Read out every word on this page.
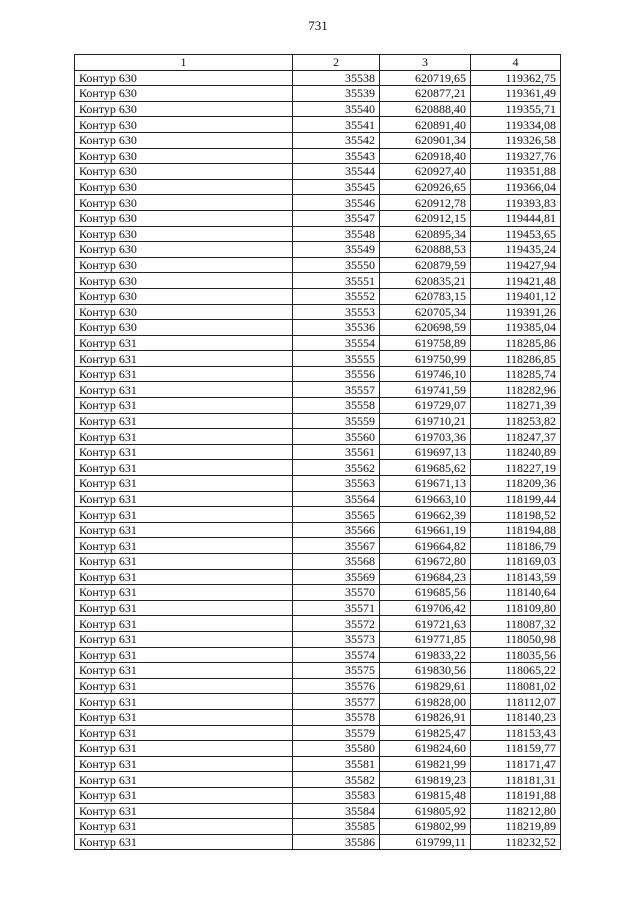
731
1	2	3	4
Контур 630	35538	620719,65	119362,75
Контур 630	35539	620877,21	119361,49
Контур 630	35540	620888,40	119355,71
Контур 630	35541	620891,40	119334,08
Контур 630	35542	620901,34	119326,58
Контур 630	35543	620918,40	119327,76
Контур 630	35544	620927,40	119351,88
Контур 630	35545	620926,65	119366,04
Контур 630	35546	620912,78	119393,83
Контур 630	35547	620912,15	119444,81
Контур 630	35548	620895,34	119453,65
Контур 630	35549	620888,53	119435,24
Контур 630	35550	620879,59	119427,94
Контур 630	35551	620835,21	119421,48
Контур 630	35552	620783,15	119401,12
Контур 630	35553	620705,34	119391,26
Контур 630	35536	620698,59	119385,04
Контур 631	35554	619758,89	118285,86
Контур 631	35555	619750,99	118286,85
Контур 631	35556	619746,10	118285,74
Контур 631	35557	619741,59	118282,96
Контур 631	35558	619729,07	118271,39
Контур 631	35559	619710,21	118253,82
Контур 631	35560	619703,36	118247,37
Контур 631	35561	619697,13	118240,89
Контур 631	35562	619685,62	118227,19
Контур 631	35563	619671,13	118209,36
Контур 631	35564	619663,10	118199,44
Контур 631	35565	619662,39	118198,52
Контур 631	35566	619661,19	118194,88
Контур 631	35567	619664,82	118186,79
Контур 631	35568	619672,80	118169,03
Контур 631	35569	619684,23	118143,59
Контур 631	35570	619685,56	118140,64
Контур 631	35571	619706,42	118109,80
Контур 631	35572	619721,63	118087,32
Контур 631	35573	619771,85	118050,98
Контур 631	35574	619833,22	118035,56
Контур 631	35575	619830,56	118065,22
Контур 631	35576	619829,61	118081,02
Контур 631	35577	619828,00	118112,07
Контур 631	35578	619826,91	118140,23
Контур 631	35579	619825,47	118153,43
Контур 631	35580	619824,60	118159,77
Контур 631	35581	619821,99	118171,47
Контур 631	35582	619819,23	118181,31
Контур 631	35583	619815,48	118191,88
Контур 631	35584	619805,92	118212,80
Контур 631	35585	619802,99	118219,89
Контур 631	35586	619799,11	118232,52
